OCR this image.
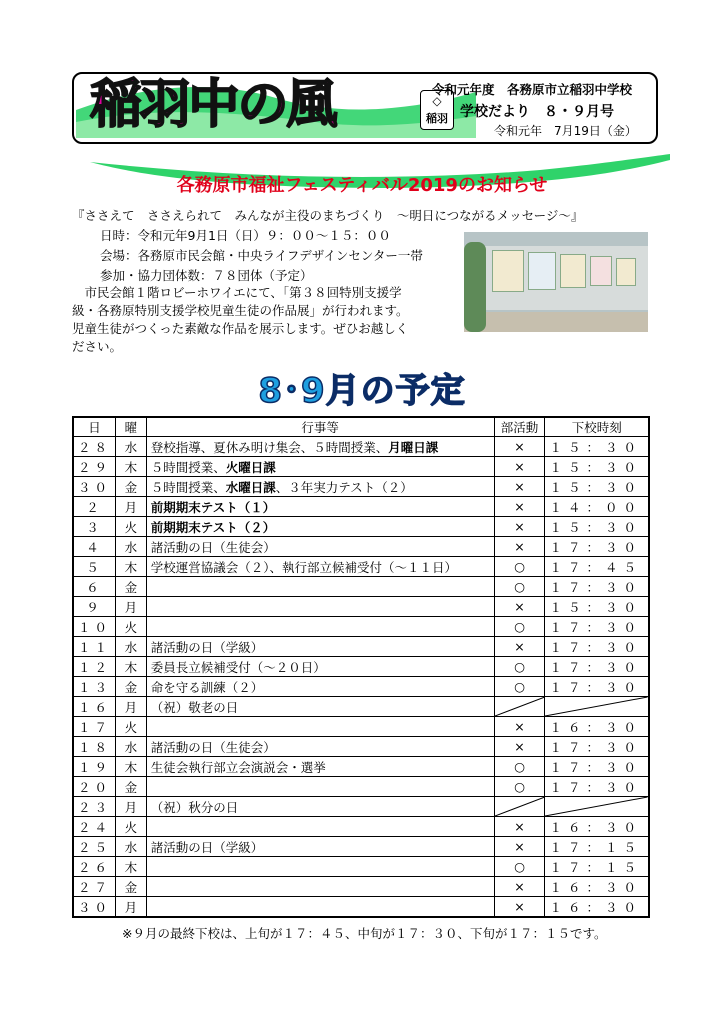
稲羽中の風	◇
稲羽
令和元年度　各務原市立稲羽中学校
学校だより　８・９月号
令和元年　7月19日（金）
各務原市福祉フェスティバル2019のお知らせ
『ささえて　ささえられて　みんなが主役のまちづくり　～明日につながるメッセージ～』
日時：令和元年9月1日（日）９：００～１５：００
会場：各務原市民会館・中央ライフデザインセンター一帯
参加・協力団体数：７８団体（予定）
　市民会館１階ロビーホワイエにて、「第３８回特別支援学
級・各務原特別支援学校児童生徒の作品展」が行われます。
児童生徒がつくった素敵な作品を展示します。ぜひお越しく
ださい。
8･9月の予定
日	曜	行事等	部活動	下校時刻
２８	水	登校指導、夏休み明け集会、５時間授業、月曜日課	×	１５：３０
２９	木	５時間授業、火曜日課	×	１５：３０
３０	金	５時間授業、水曜日課、３年実力テスト（２）	×	１５：３０
２	月	前期期末テスト（１）	×	１４：００
３	火	前期期末テスト（２）	×	１５：３０
４	水	諸活動の日（生徒会）	×	１７：３０
５	木	学校運営協議会（２）、執行部立候補受付（～１１日）	○	１７：４５
６	金		○	１７：３０
９	月		×	１５：３０
１０	火		○	１７：３０
１１	水	諸活動の日（学級）	×	１７：３０
１２	木	委員長立候補受付（～２０日）	○	１７：３０
１３	金	命を守る訓練（２）	○	１７：３０
１６	月	（祝）敬老の日	

１７	火		×	１６：３０
１８	水	諸活動の日（生徒会）	×	１７：３０
１９	木	生徒会執行部立会演説会・選挙	○	１７：３０
２０	金		○	１７：３０
２３	月	（祝）秋分の日	

２４	火		×	１６：３０
２５	水	諸活動の日（学級）	×	１７：１５
２６	木		○	１７：１５
２７	金		×	１６：３０
３０	月		×	１６：３０
※９月の最終下校は、上旬が１７：４５、中旬が１７：３０、下旬が１７：１５です。
